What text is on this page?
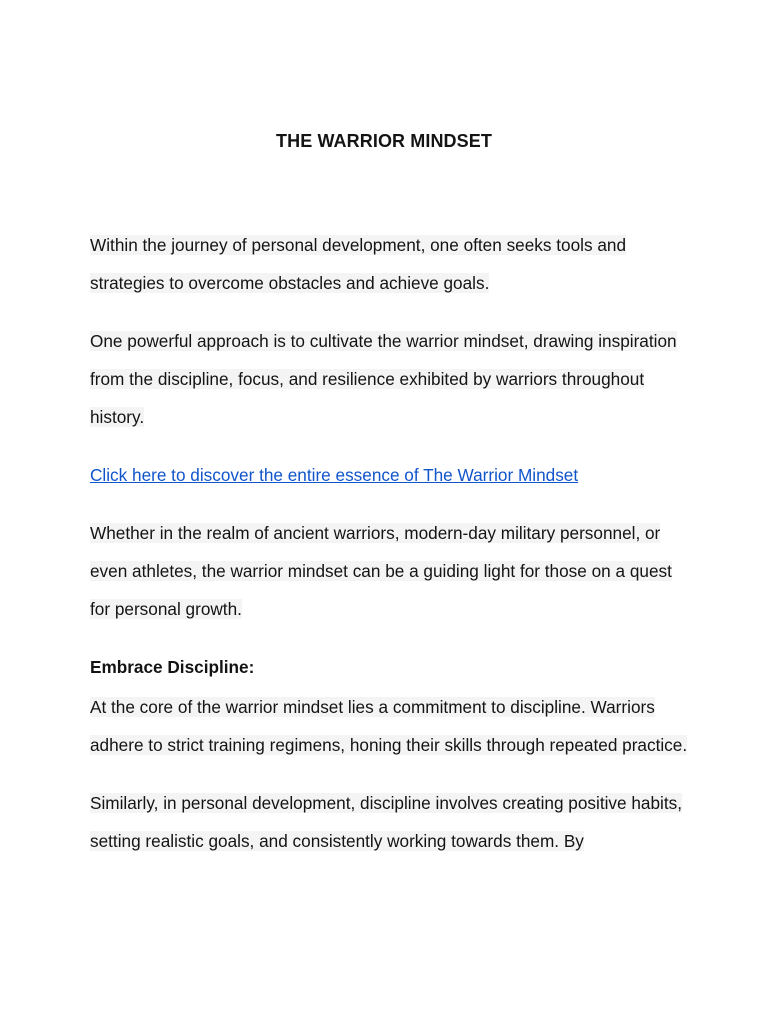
THE WARRIOR MINDSET

Within the journey of personal development, one often seeks tools and strategies to overcome obstacles and achieve goals.

One powerful approach is to cultivate the warrior mindset, drawing inspiration from the discipline, focus, and resilience exhibited by warriors throughout history.

Click here to discover the entire essence of The Warrior Mindset

Whether in the realm of ancient warriors, modern-day military personnel, or even athletes, the warrior mindset can be a guiding light for those on a quest for personal growth.

Embrace Discipline:

At the core of the warrior mindset lies a commitment to discipline. Warriors adhere to strict training regimens, honing their skills through repeated practice.

Similarly, in personal development, discipline involves creating positive habits, setting realistic goals, and consistently working towards them. By
